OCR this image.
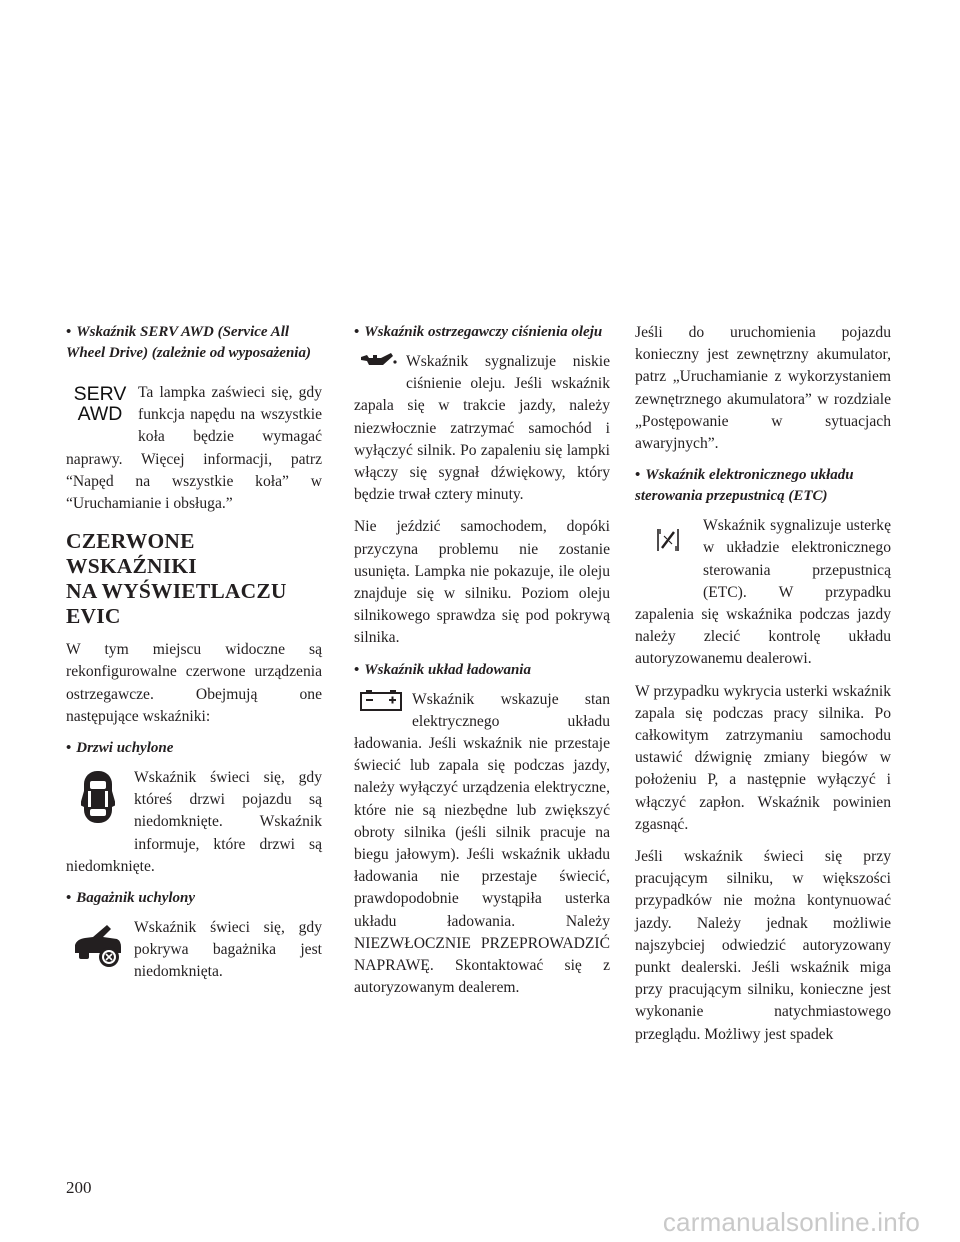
• Wskaźnik SERV AWD (Service All Wheel Drive) (zależnie od wyposażenia)

SERV
AWD

Ta lampka zaświeci się, gdy funkcja napędu na wszystkie koła będzie wymagać naprawy. Więcej informacji, patrz “Napęd na wszystkie koła” w “Uruchamianie i obsługa.”

CZERWONE WSKAŹNIKI
NA WYŚWIETLACZU EVIC

W tym miejscu widoczne są rekonfigurowalne czerwone urządzenia ostrzegawcze. Obejmują one następujące wskaźniki:

• Drzwi uchylone

Wskaźnik świeci się, gdy któreś drzwi pojazdu są niedomknięte. Wskaźnik informuje, które drzwi są niedomknięte.

• Bagażnik uchylony

Wskaźnik świeci się, gdy pokrywa bagażnika jest niedomknięta.

• Wskaźnik ostrzegawczy ciśnienia oleju

Wskaźnik sygnalizuje niskie ciśnienie oleju. Jeśli wskaźnik zapala się w trakcie jazdy, należy niezwłocznie zatrzymać samochód i wyłączyć silnik. Po zapaleniu się lampki włączy się sygnał dźwiękowy, który będzie trwał cztery minuty.

Nie jeździć samochodem, dopóki przyczyna problemu nie zostanie usunięta. Lampka nie pokazuje, ile oleju znajduje się w silniku. Poziom oleju silnikowego sprawdza się pod pokrywą silnika.

• Wskaźnik układ ładowania

Wskaźnik wskazuje stan elektrycznego układu ładowania. Jeśli wskaźnik nie przestaje świecić lub zapala się podczas jazdy, należy wyłączyć urządzenia elektryczne, które nie są niezbędne lub zwiększyć obroty silnika (jeśli silnik pracuje na biegu jałowym). Jeśli wskaźnik układu ładowania nie przestaje świecić, prawdopodobnie wystąpiła usterka układu ładowania. Należy NIEZWŁOCZNIE PRZEPROWADZIĆ NAPRAWĘ. Skontaktować się z autoryzowanym dealerem.

Jeśli do uruchomienia pojazdu konieczny jest zewnętrzny akumulator, patrz „Uruchamianie z wykorzystaniem zewnętrznego akumulatora” w rozdziale „Postępowanie w sytuacjach awaryjnych”.

• Wskaźnik elektronicznego układu sterowania przepustnicą (ETC)

Wskaźnik sygnalizuje usterkę w układzie elektronicznego sterowania przepustnicą (ETC). W przypadku zapalenia się wskaźnika podczas jazdy należy zlecić kontrolę układu autoryzowanemu dealerowi.

W przypadku wykrycia usterki wskaźnik zapala się podczas pracy silnika. Po całkowitym zatrzymaniu samochodu ustawić dźwignię zmiany biegów w położeniu P, a następnie wyłączyć i włączyć zapłon. Wskaźnik powinien zgasnąć.

Jeśli wskaźnik świeci się przy pracującym silniku, w większości przypadków nie można kontynuować jazdy. Należy jednak możliwie najszybciej odwiedzić autoryzowany punkt dealerski. Jeśli wskaźnik miga przy pracującym silniku, konieczne jest wykonanie natychmiastowego przeglądu. Możliwy jest spadek

200
carmanualsonline.info
